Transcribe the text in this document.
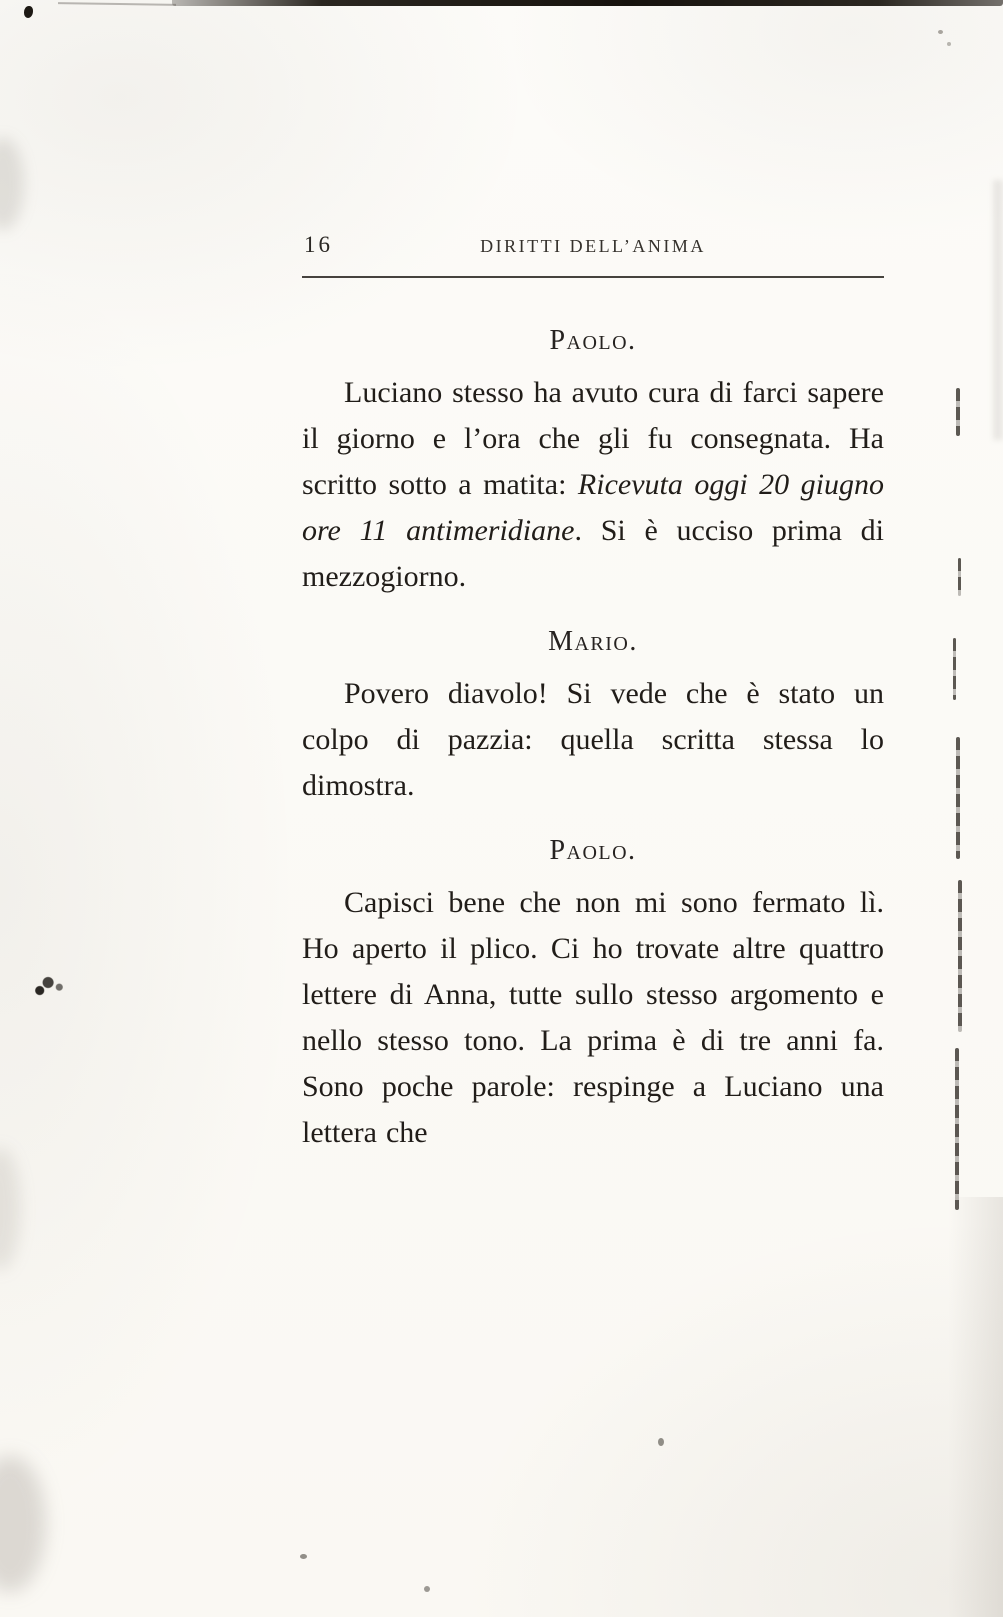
16	DIRITTI DELL’ANIMA
Paolo.

Luciano stesso ha avuto cura di farci sapere il giorno e l’ora che gli fu consegnata. Ha scritto sotto a matita: Ricevuta oggi 20 giugno ore 11 antimeridiane. Si è ucciso prima di mezzogiorno.

Mario.

Povero diavolo! Si vede che è stato un colpo di pazzia: quella scritta stessa lo dimostra.

Paolo.

Capisci bene che non mi sono fermato lì. Ho aperto il plico. Ci ho trovate altre quattro lettere di Anna, tutte sullo stesso argomento e nello stesso tono. La prima è di tre anni fa. Sono poche parole: respinge a Luciano una lettera che
